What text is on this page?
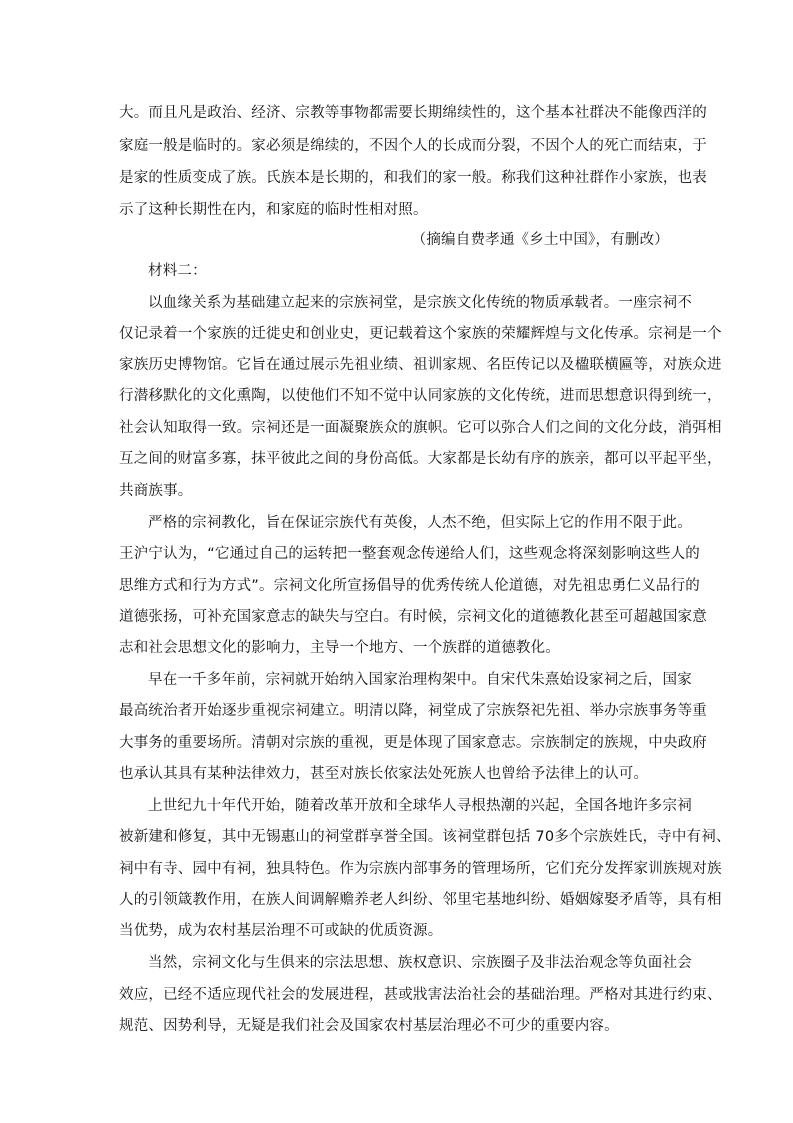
大。而且凡是政治、经济、宗教等事物都需要长期绵续性的，这个基本社群决不能像西洋的
家庭一般是临时的。家必须是绵续的，不因个人的长成而分裂，不因个人的死亡而结束，于
是家的性质变成了族。氏族本是长期的，和我们的家一般。称我们这种社群作小家族，也表
示了这种长期性在内，和家庭的临时性相对照。
（摘编自费孝通《乡土中国》，有删改）
材料二：
以血缘关系为基础建立起来的宗族祠堂，是宗族文化传统的物质承载者。一座宗祠不
仅记录着一个家族的迁徙史和创业史，更记载着这个家族的荣耀辉煌与文化传承。宗祠是一个
家族历史博物馆。它旨在通过展示先祖业绩、祖训家规、名臣传记以及楹联横匾等，对族众进
行潜移默化的文化熏陶，以使他们不知不觉中认同家族的文化传统，进而思想意识得到统一，
社会认知取得一致。宗祠还是一面凝聚族众的旗帜。它可以弥合人们之间的文化分歧，消弭相
互之间的财富多寡，抹平彼此之间的身份高低。大家都是长幼有序的族亲，都可以平起平坐，
共商族事。
严格的宗祠教化，旨在保证宗族代有英俊，人杰不绝，但实际上它的作用不限于此。
王沪宁认为，“它通过自己的运转把一整套观念传递给人们，这些观念将深刻影响这些人的
思维方式和行为方式”。宗祠文化所宣扬倡导的优秀传统人伦道德，对先祖忠勇仁义品行的
道德张扬，可补充国家意志的缺失与空白。有时候，宗祠文化的道德教化甚至可超越国家意
志和社会思想文化的影响力，主导一个地方、一个族群的道德教化。
早在一千多年前，宗祠就开始纳入国家治理构架中。自宋代朱熹始设家祠之后，国家
最高统治者开始逐步重视宗祠建立。明清以降，祠堂成了宗族祭祀先祖、举办宗族事务等重
大事务的重要场所。清朝对宗族的重视，更是体现了国家意志。宗族制定的族规，中央政府
也承认其具有某种法律效力，甚至对族长依家法处死族人也曾给予法律上的认可。
上世纪九十年代开始，随着改革开放和全球华人寻根热潮的兴起，全国各地许多宗祠
被新建和修复，其中无锡惠山的祠堂群享誉全国。该祠堂群包括 70多个宗族姓氏，寺中有祠、
祠中有寺、园中有祠，独具特色。作为宗族内部事务的管理场所，它们充分发挥家训族规对族
人的引领箴教作用，在族人间调解赡养老人纠纷、邻里宅基地纠纷、婚姻嫁娶矛盾等，具有相
当优势，成为农村基层治理不可或缺的优质资源。
当然，宗祠文化与生俱来的宗法思想、族权意识、宗族圈子及非法治观念等负面社会
效应，已经不适应现代社会的发展进程，甚或戕害法治社会的基础治理。严格对其进行约束、
规范、因势利导，无疑是我们社会及国家农村基层治理必不可少的重要内容。
